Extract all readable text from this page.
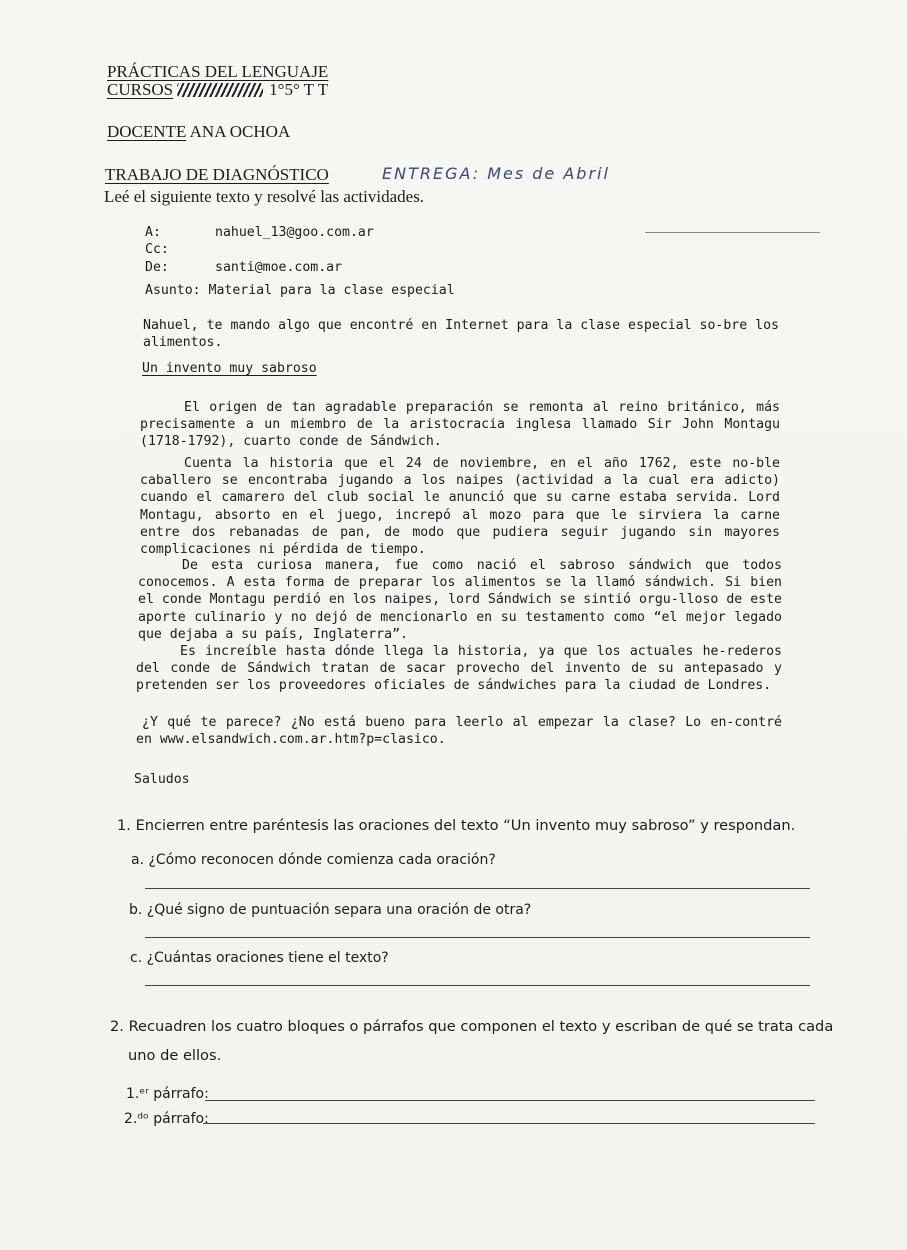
PRÁCTICAS DEL LENGUAJE
CURSOS	1°5° T T
DOCENTE ANA OCHOA
TRABAJO DE DIAGNÓSTICO	ENTREGA: Mes de Abril
Leé el siguiente texto y resolvé las actividades.
A:	nahuel_13@goo.com.ar
Cc:
De:	santi@moe.com.ar
Asunto: Material para la clase especial
Nahuel, te mando algo que encontré en Internet para la clase especial so-bre los alimentos.
Un invento muy sabroso
El origen de tan agradable preparación se remonta al reino británico, más precisamente a un miembro de la aristocracia inglesa llamado Sir John Montagu (1718-1792), cuarto conde de Sándwich.
Cuenta la historia que el 24 de noviembre, en el año 1762, este no-ble caballero se encontraba jugando a los naipes (actividad a la cual era adicto) cuando el camarero del club social le anunció que su carne estaba servida. Lord Montagu, absorto en el juego, increpó al mozo para que le sirviera la carne entre dos rebanadas de pan, de modo que pudiera seguir jugando sin mayores complicaciones ni pérdida de tiempo.
De esta curiosa manera, fue como nació el sabroso sándwich que todos conocemos. A esta forma de preparar los alimentos se la llamó sándwich. Si bien el conde Montagu perdió en los naipes, lord Sándwich se sintió orgu-lloso de este aporte culinario y no dejó de mencionarlo en su testamento como “el mejor legado que dejaba a su país, Inglaterra”.
Es increíble hasta dónde llega la historia, ya que los actuales he-rederos del conde de Sándwich tratan de sacar provecho del invento de su antepasado y pretenden ser los proveedores oficiales de sándwiches para la ciudad de Londres.
¿Y qué te parece? ¿No está bueno para leerlo al empezar la clase? Lo en-contré en www.elsandwich.com.ar.htm?p=clasico.
Saludos
1. Encierren entre paréntesis las oraciones del texto “Un invento muy sabroso” y respondan.
a. ¿Cómo reconocen dónde comienza cada oración?
b. ¿Qué signo de puntuación separa una oración de otra?
c. ¿Cuántas oraciones tiene el texto?
2. Recuadren los cuatro bloques o párrafos que componen el texto y escriban de qué se trata cada
uno de ellos.
1.ᵉʳ párrafo:
2.ᵈᵒ párrafo:
